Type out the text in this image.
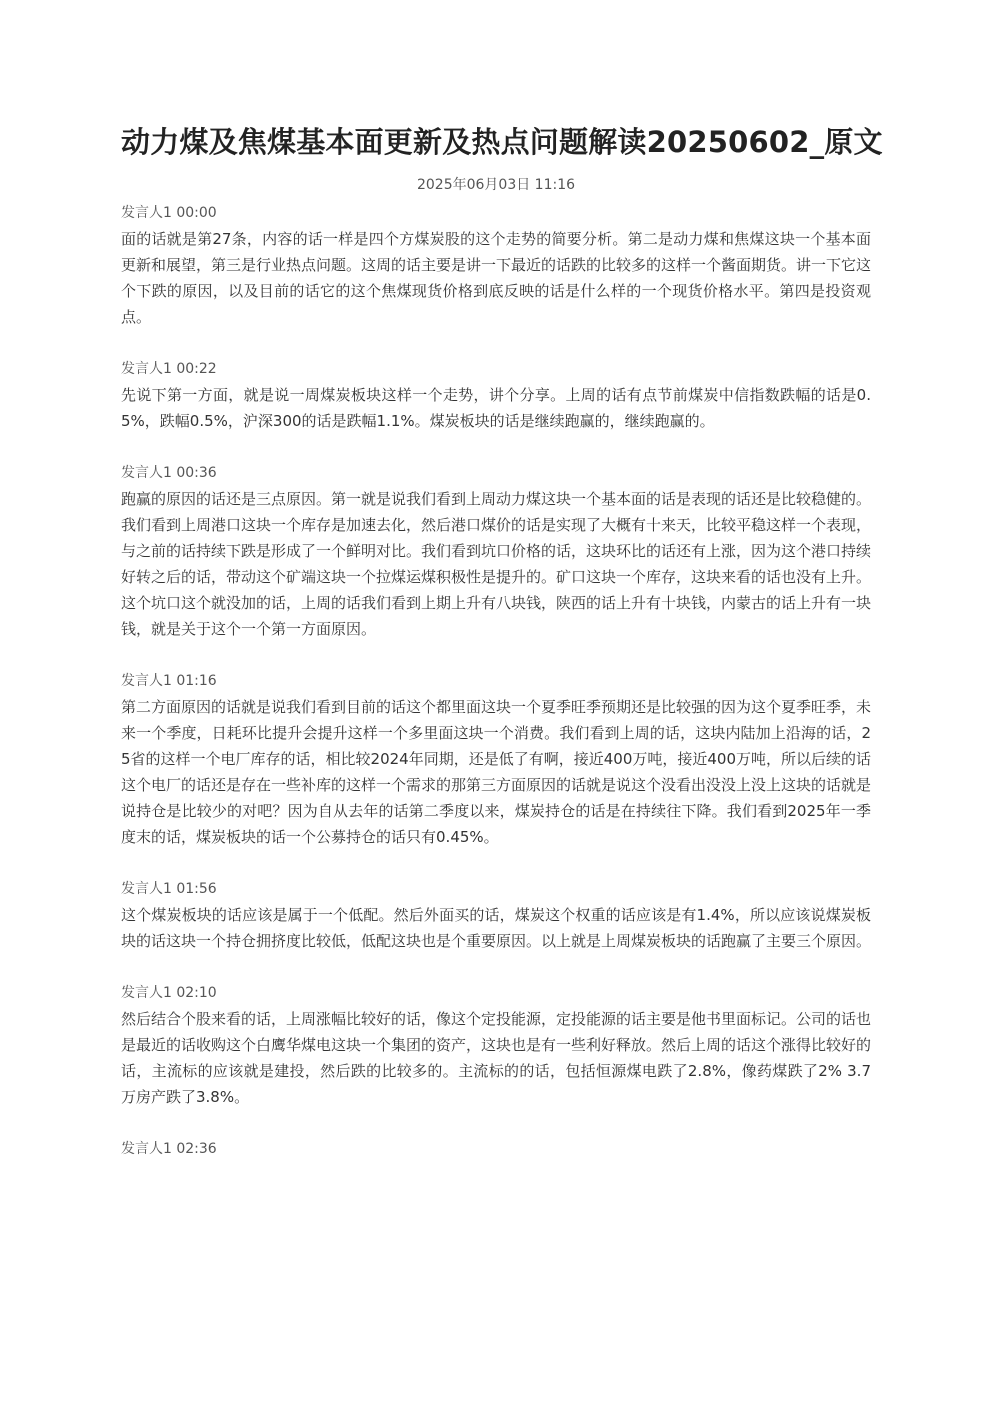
动力煤及焦煤基本面更新及热点问题解读20250602_原文
2025年06月03日 11:16
发言人1 00:00

面的话就是第27条，内容的话一样是四个方煤炭股的这个走势的简要分析。第二是动力煤和焦煤这块一个基本面更新和展望，第三是行业热点问题。这周的话主要是讲一下最近的话跌的比较多的这样一个酱面期货。讲一下它这个下跌的原因，以及目前的话它的这个焦煤现货价格到底反映的话是什么样的一个现货价格水平。第四是投资观点。

发言人1 00:22

先说下第一方面，就是说一周煤炭板块这样一个走势，讲个分享。上周的话有点节前煤炭中信指数跌幅的话是0.5%，跌幅0.5%，沪深300的话是跌幅1.1%。煤炭板块的话是继续跑赢的，继续跑赢的。

发言人1 00:36

跑赢的原因的话还是三点原因。第一就是说我们看到上周动力煤这块一个基本面的话是表现的话还是比较稳健的。我们看到上周港口这块一个库存是加速去化，然后港口煤价的话是实现了大概有十来天，比较平稳这样一个表现，与之前的话持续下跌是形成了一个鲜明对比。我们看到坑口价格的话，这块环比的话还有上涨，因为这个港口持续好转之后的话，带动这个矿端这块一个拉煤运煤积极性是提升的。矿口这块一个库存，这块来看的话也没有上升。这个坑口这个就没加的话，上周的话我们看到上期上升有八块钱，陕西的话上升有十块钱，内蒙古的话上升有一块钱，就是关于这个一个第一方面原因。

发言人1 01:16

第二方面原因的话就是说我们看到目前的话这个都里面这块一个夏季旺季预期还是比较强的因为这个夏季旺季，未来一个季度，日耗环比提升会提升这样一个多里面这块一个消费。我们看到上周的话，这块内陆加上沿海的话，25省的这样一个电厂库存的话，相比较2024年同期，还是低了有啊，接近400万吨，接近400万吨，所以后续的话这个电厂的话还是存在一些补库的这样一个需求的那第三方面原因的话就是说这个没看出没没上没上这块的话就是说持仓是比较少的对吧？因为自从去年的话第二季度以来，煤炭持仓的话是在持续往下降。我们看到2025年一季度末的话，煤炭板块的话一个公募持仓的话只有0.45%。

发言人1 01:56

这个煤炭板块的话应该是属于一个低配。然后外面买的话，煤炭这个权重的话应该是有1.4%，所以应该说煤炭板块的话这块一个持仓拥挤度比较低，低配这块也是个重要原因。以上就是上周煤炭板块的话跑赢了主要三个原因。

发言人1 02:10

然后结合个股来看的话，上周涨幅比较好的话，像这个定投能源，定投能源的话主要是他书里面标记。公司的话也是最近的话收购这个白鹰华煤电这块一个集团的资产，这块也是有一些利好释放。然后上周的话这个涨得比较好的话，主流标的应该就是建投，然后跌的比较多的。主流标的的话，包括恒源煤电跌了2.8%，像药煤跌了2% 3.7万房产跌了3.8%。

发言人1 02:36
